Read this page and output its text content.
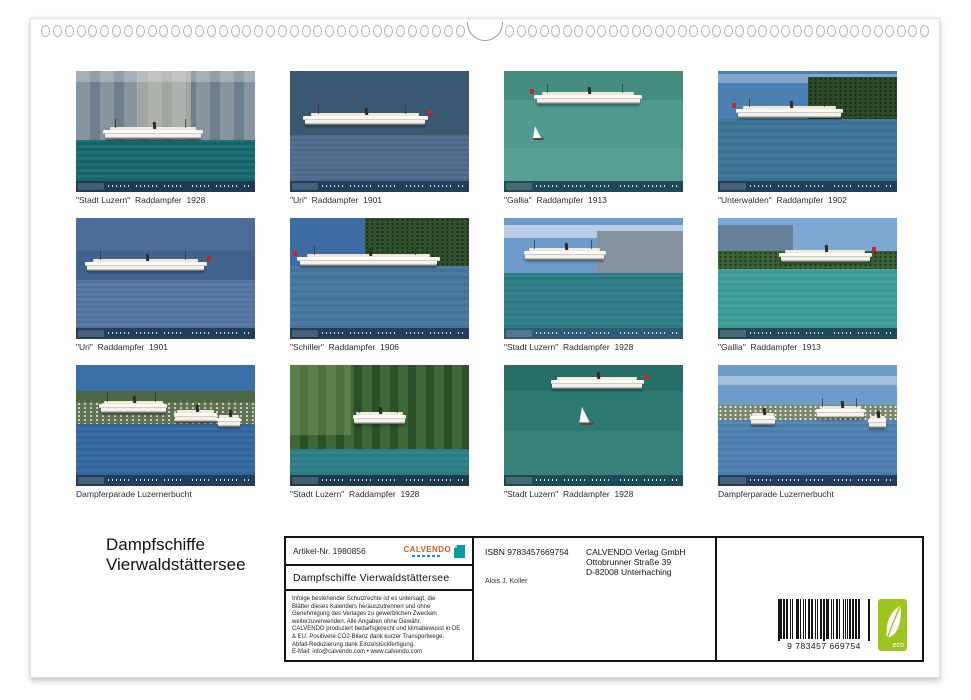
"Stadt Luzern"  Raddampfer  1928	"Uri"  Raddampfer  1901	"Gallia"  Raddampfer  1913	"Unterwalden"  Raddampfer  1902
"Uri"  Raddampfer  1901	"Schiller"  Raddampfer  1906	"Stadt Luzern"  Raddampfer  1928	"Gallia"  Raddampfer  1913
Dampferparade Luzernerbucht	"Stadt Luzern"  Raddampfer  1928	"Stadt Luzern"  Raddampfer  1928	Dampferparade Luzernerbucht
Dampfschiffe
Vierwaldstättersee
Artikel-Nr. 1980856	CALVENDO
Dampfschiffe Vierwaldstättersee
Infolge bestehender Schutzrechte ist es untersagt, die
Blätter dieses Kalenders herauszutrennen und ohne
Genehmigung des Verlages zu gewerblichen Zwecken
weiterzuverwenden. Alle Angaben ohne Gewähr.
CALVENDO produziert bedarfsgerecht und klimabewusst in DE
& EU. Positivere CO2-Bilanz dank kurzer Transportwege.
Abfall-Reduzierung dank Einzelstückfertigung.
E-Mail: info@calvendo.com • www.calvendo.com
ISBN 9783457669754 CALVENDO Verlag GmbH
Ottobrunner Straße 39
D-82008 Unterhaching
Alois J. Koller
9 783457 669754	eco
